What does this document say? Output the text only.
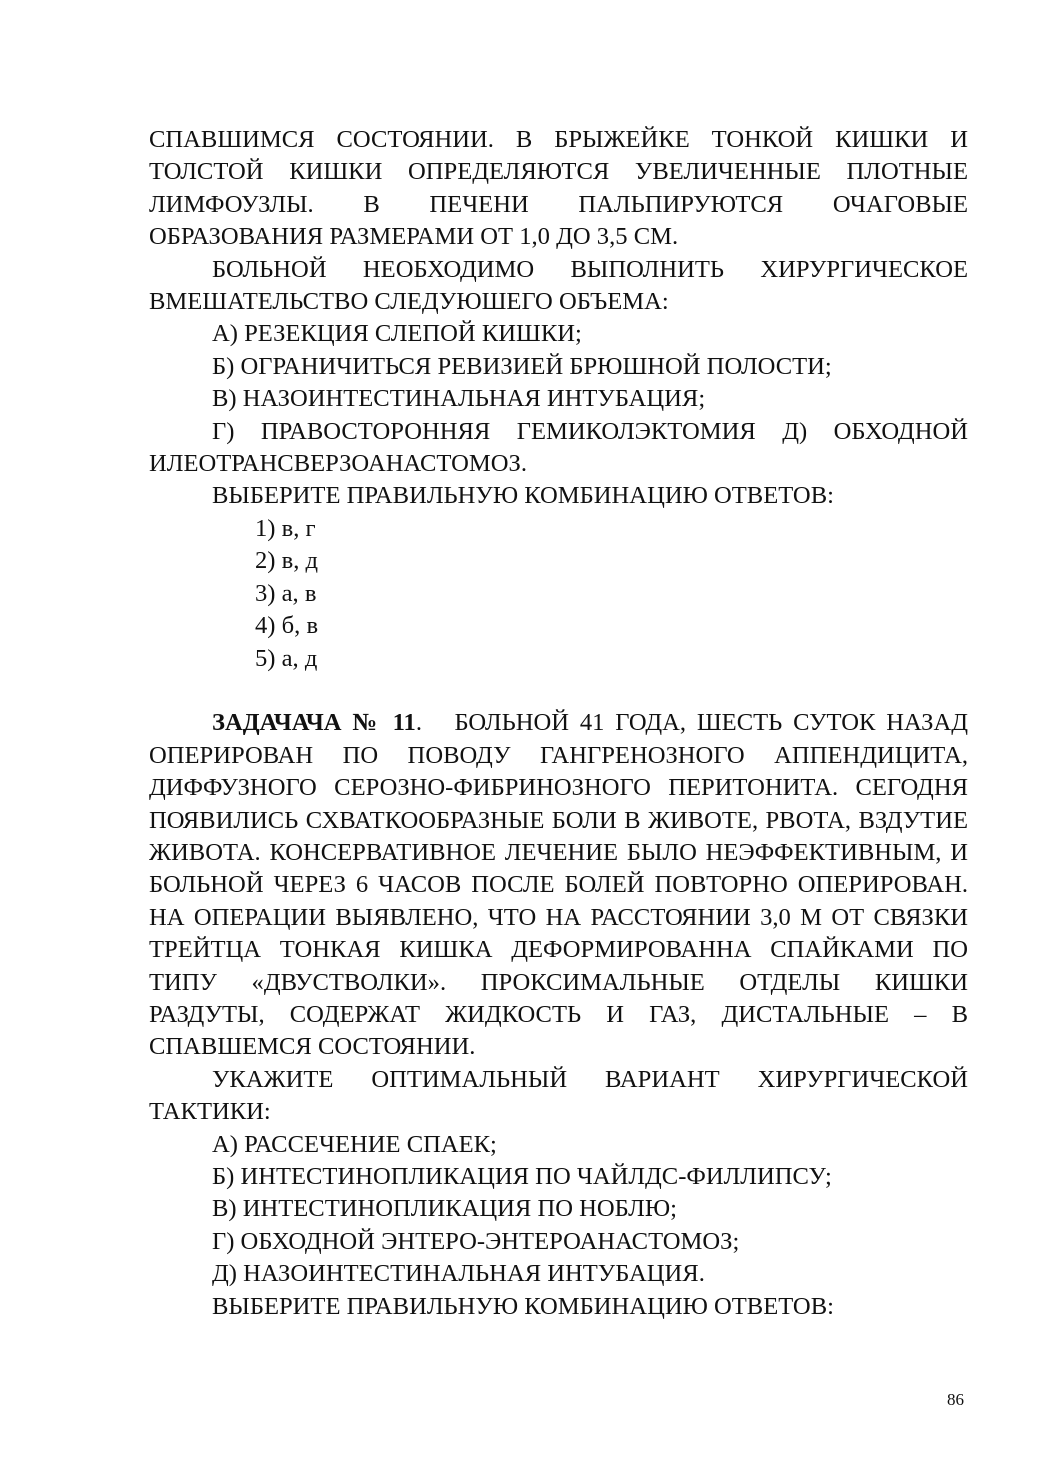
СПАВШИМСЯ СОСТОЯНИИ. В БРЫЖЕЙКЕ ТОНКОЙ КИШКИ И ТОЛСТОЙ КИШКИ ОПРЕДЕЛЯЮТСЯ УВЕЛИЧЕННЫЕ ПЛОТНЫЕ ЛИМФОУЗЛЫ. В ПЕЧЕНИ ПАЛЬПИРУЮТСЯ ОЧАГОВЫЕ ОБРАЗОВАНИЯ РАЗМЕРАМИ ОТ 1,0 ДО 3,5 СМ.

БОЛЬНОЙ НЕОБХОДИМО ВЫПОЛНИТЬ ХИРУРГИЧЕСКОЕ ВМЕШАТЕЛЬСТВО СЛЕДУЮШЕГО ОБЪЕМА:

А) РЕЗЕКЦИЯ СЛЕПОЙ КИШКИ;

Б) ОГРАНИЧИТЬСЯ РЕВИЗИЕЙ БРЮШНОЙ ПОЛОСТИ;

В) НАЗОИНТЕСТИНАЛЬНАЯ ИНТУБАЦИЯ;

Г) ПРАВОСТОРОННЯЯ ГЕМИКОЛЭКТОМИЯ Д) ОБХОДНОЙ ИЛЕОТРАНСВЕРЗОАНАСТОМОЗ.

ВЫБЕРИТЕ ПРАВИЛЬНУЮ КОМБИНАЦИЮ ОТВЕТОВ:

1) в, г

2) в, д

3) а, в

4) б, в

5) а, д

ЗАДАЧАЧА № 11. БОЛЬНОЙ 41 ГОДА, ШЕСТЬ СУТОК НАЗАД ОПЕРИРОВАН ПО ПОВОДУ ГАНГРЕНОЗНОГО АППЕНДИЦИТА, ДИФФУЗНОГО СЕРОЗНО-ФИБРИНОЗНОГО ПЕРИТОНИТА. СЕГОДНЯ ПОЯВИЛИСЬ СХВАТКООБРАЗНЫЕ БОЛИ В ЖИВОТЕ, РВОТА, ВЗДУТИЕ ЖИВОТА. КОНСЕРВАТИВНОЕ ЛЕЧЕНИЕ БЫЛО НЕЭФФЕКТИВНЫМ, И БОЛЬНОЙ ЧЕРЕЗ 6 ЧАСОВ ПОСЛЕ БОЛЕЙ ПОВТОРНО ОПЕРИРОВАН. НА ОПЕРАЦИИ ВЫЯВЛЕНО, ЧТО НА РАССТОЯНИИ 3,0 М ОТ СВЯЗКИ ТРЕЙТЦА ТОНКАЯ КИШКА ДЕФОРМИРОВАННА СПАЙКАМИ ПО ТИПУ «ДВУСТВОЛКИ». ПРОКСИМАЛЬНЫЕ ОТДЕЛЫ КИШКИ РАЗДУТЫ, СОДЕРЖАТ ЖИДКОСТЬ И ГАЗ, ДИСТАЛЬНЫЕ – В СПАВШЕМСЯ СОСТОЯНИИ.

УКАЖИТЕ ОПТИМАЛЬНЫЙ ВАРИАНТ ХИРУРГИЧЕСКОЙ ТАКТИКИ:

А) РАССЕЧЕНИЕ СПАЕК;

Б) ИНТЕСТИНОПЛИКАЦИЯ ПО ЧАЙЛДС-ФИЛЛИПСУ;

В) ИНТЕСТИНОПЛИКАЦИЯ ПО НОБЛЮ;

Г) ОБХОДНОЙ ЭНТЕРО-ЭНТЕРОАНАСТОМОЗ;

Д) НАЗОИНТЕСТИНАЛЬНАЯ ИНТУБАЦИЯ.

ВЫБЕРИТЕ ПРАВИЛЬНУЮ КОМБИНАЦИЮ ОТВЕТОВ:

86
